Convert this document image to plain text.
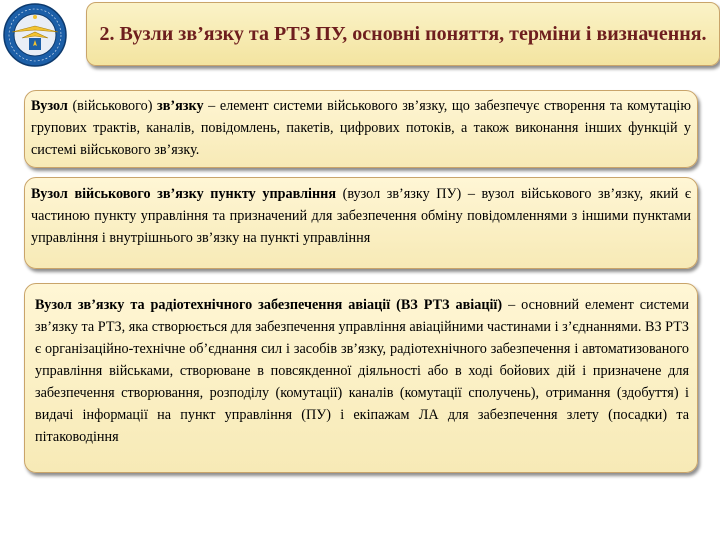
2. Вузли зв’язку та РТЗ ПУ, основні поняття, терміни і визначення.

Вузол (військового) зв’язку – елемент системи військового зв’язку, що забезпечує створення та комутацію групових трактів, каналів, повідомлень, пакетів, цифрових потоків, а також виконання інших функцій у системі військового зв’язку.

Вузол військового зв’язку пункту управління (вузол зв’язку ПУ) – вузол військового зв’язку, який є частиною пункту управління та призначений для забезпечення обміну повідомленнями з іншими пунктами управління і внутрішнього зв’язку на пункті управління

Вузол зв’язку та радіотехнічного забезпечення авіації (ВЗ РТЗ авіації) – основний елемент системи зв’язку та РТЗ, яка створюється для забезпечення управління авіаційними частинами і з’єднаннями. ВЗ РТЗ є організаційно-технічне об’єднання сил і засобів зв’язку, радіотехнічного забезпечення і автоматизованого управління військами, створюване в повсякденної діяльності або в ході бойових дій і призначене для забезпечення створювання, розподілу (комутації) каналів (комутації сполучень), отримання (здобуття) і видачі інформації на пункт управління (ПУ) і екіпажам ЛА для забезпечення злету (посадки) та пітаководіння
